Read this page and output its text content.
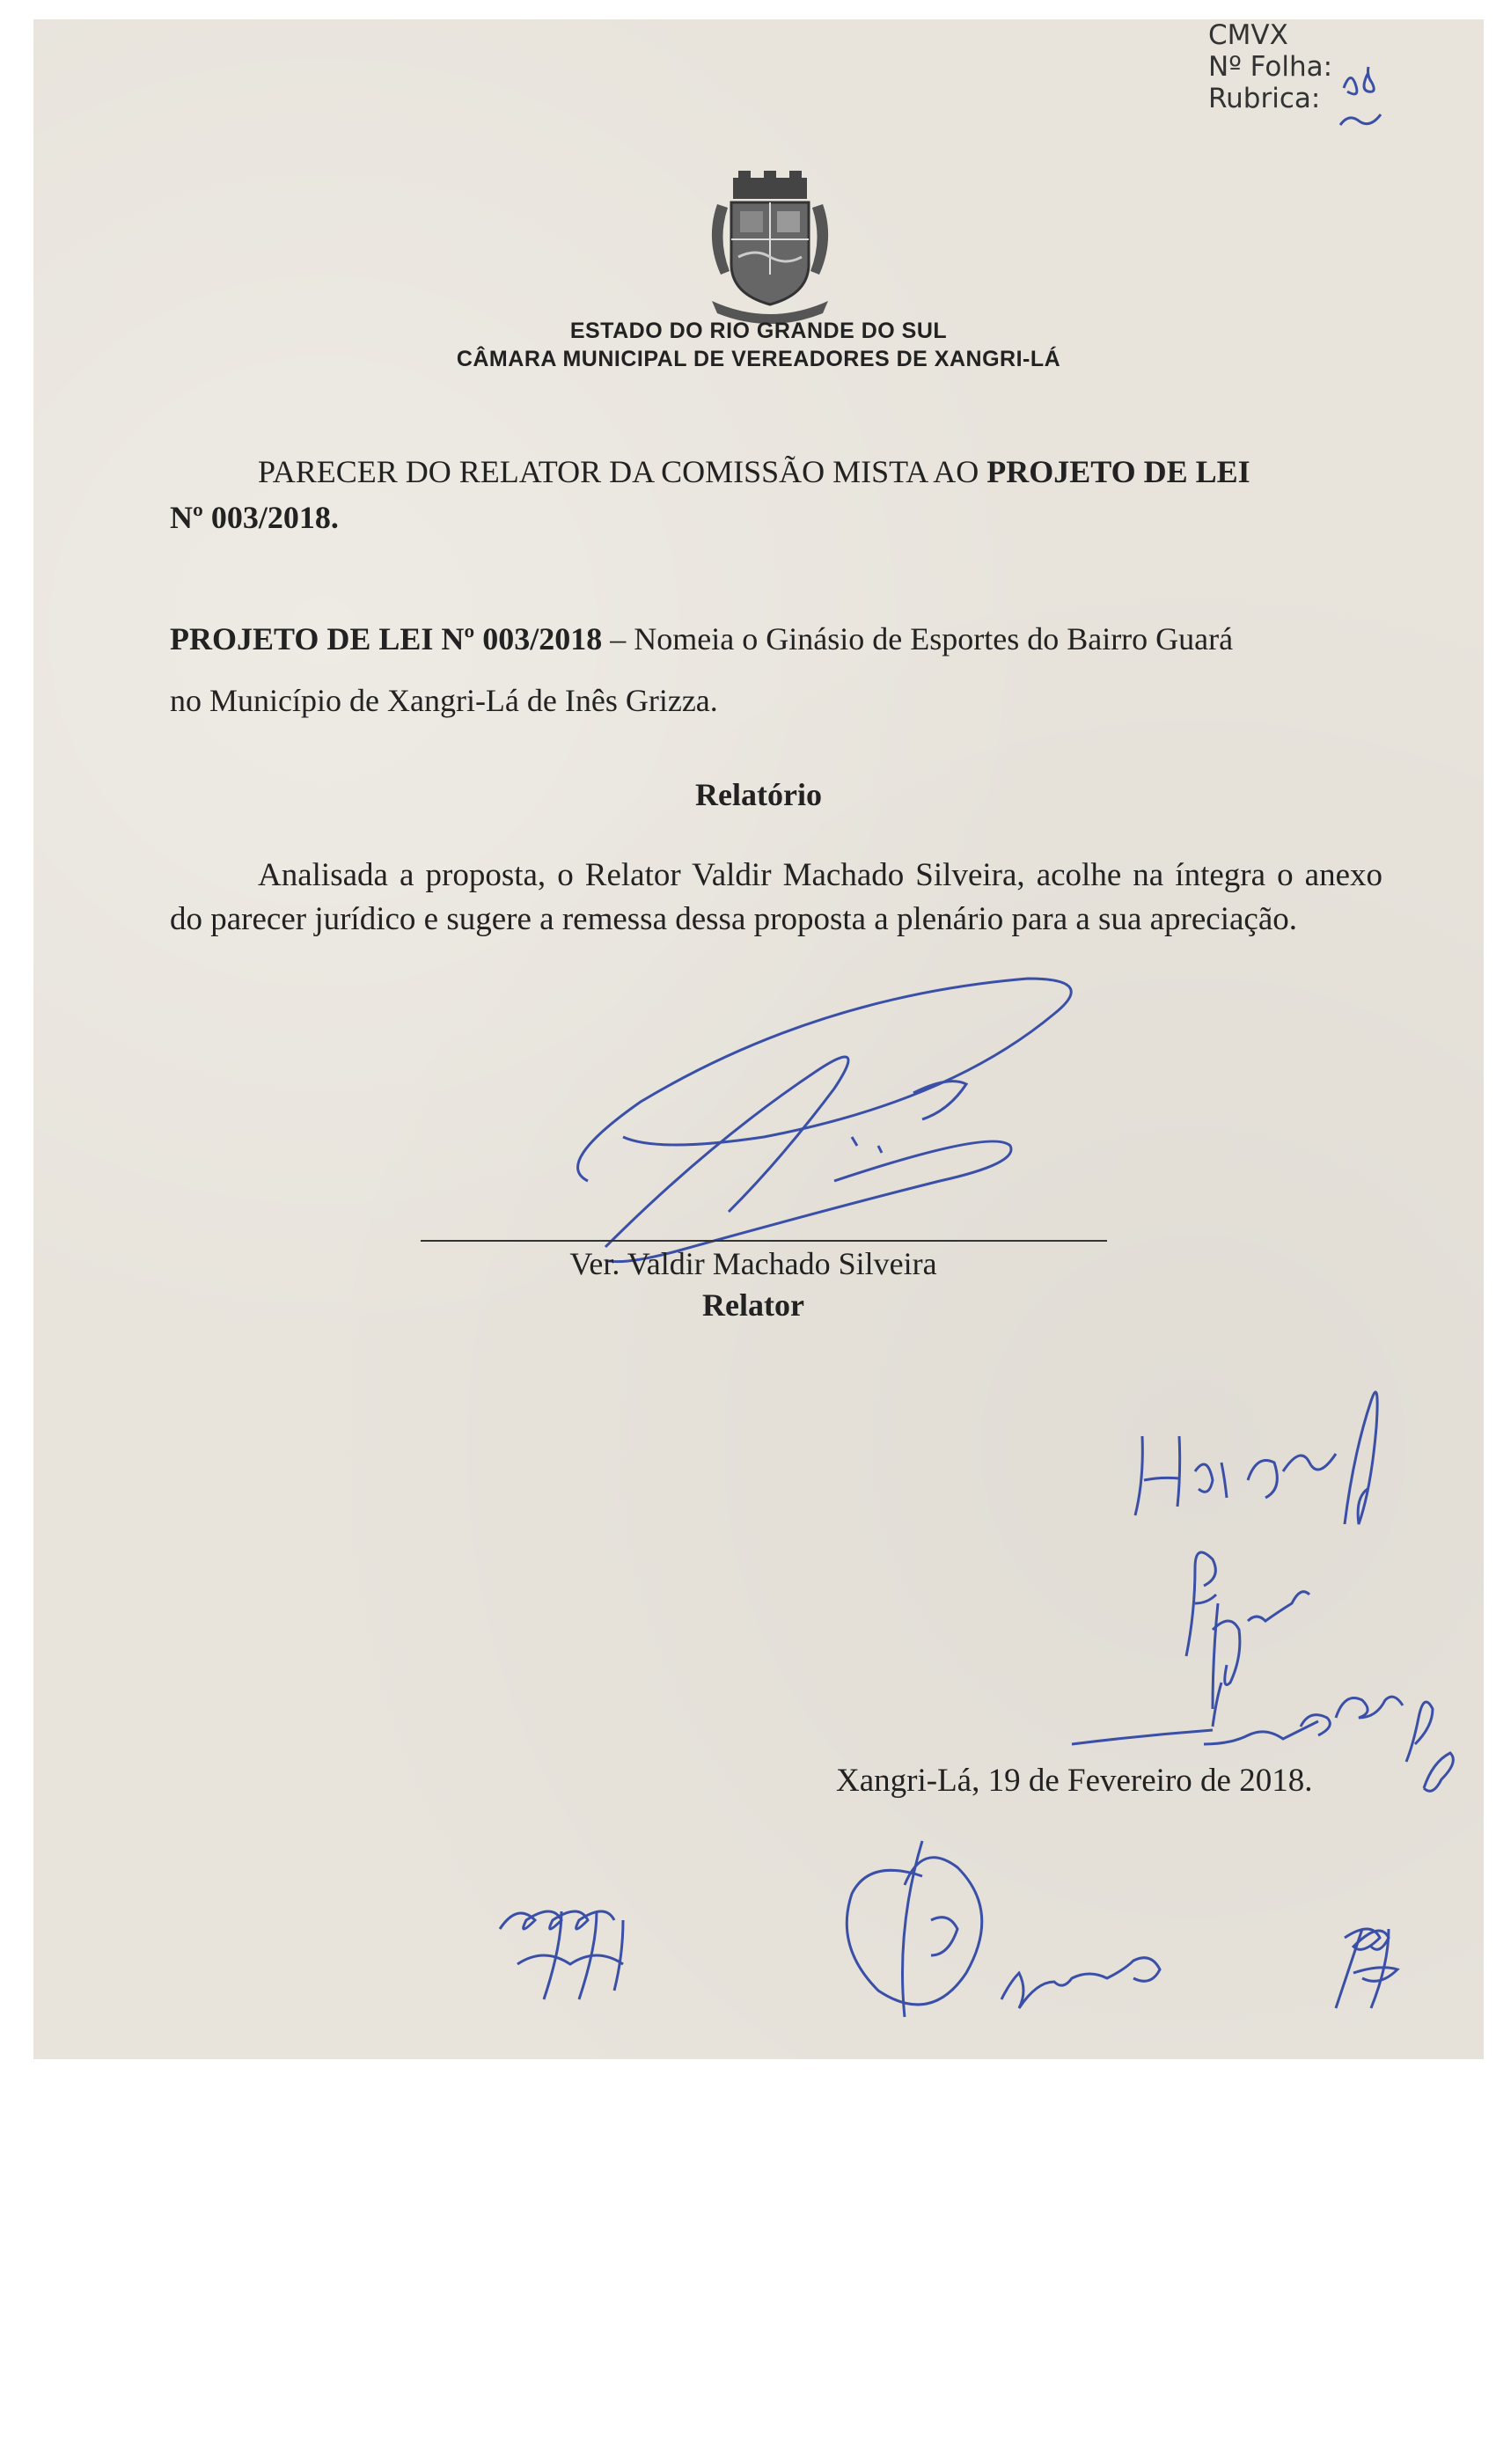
CMVX
Nº Folha:
Rubrica:
ESTADO DO RIO GRANDE DO SUL
CÂMARA MUNICIPAL DE VEREADORES DE XANGRI-LÁ
PARECER DO RELATOR DA COMISSÃO MISTA AO PROJETO DE LEI
Nº 003/2018.
PROJETO DE LEI Nº 003/2018 – Nomeia o Ginásio de Esportes do Bairro Guará
no Município de Xangri-Lá de Inês Grizza.
Relatório
Analisada a proposta, o Relator Valdir Machado Silveira, acolhe na íntegra o anexo do parecer jurídico e sugere a remessa dessa proposta a plenário para a sua apreciação.
Ver. Valdir Machado Silveira
Relator
Xangri-Lá, 19 de Fevereiro de 2018.
